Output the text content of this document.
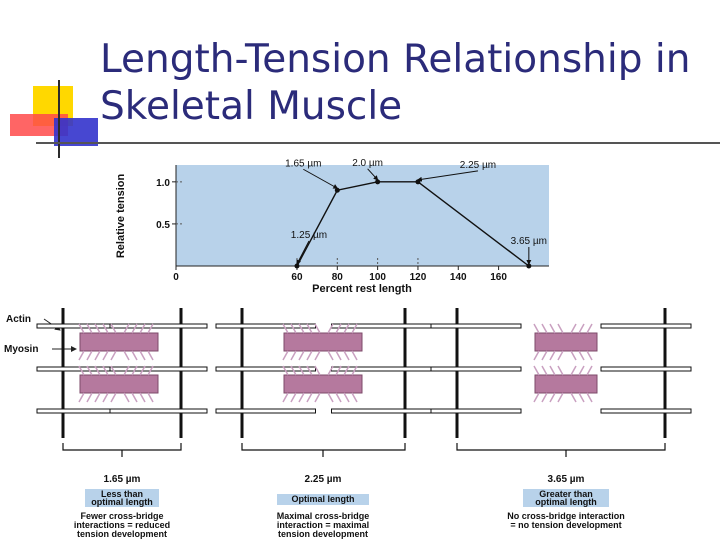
Length-Tension Relationship in
Skeletal Muscle
Relative tension
Percent rest length
0	60	80	100 120 140 160
0.5
1.0
1.25 µm
1.65 µm	2.0 µm	2.25 µm
3.65 µm
Actin
Myosin
1.65 µm
Less than
optimal length
Fewer cross-bridge
interactions = reduced
tension development
2.25 µm
Optimal length
Maximal cross-bridge
interaction = maximal
tension development
3.65 µm
Greater than
optimal length
No cross-bridge interaction
= no tension development
